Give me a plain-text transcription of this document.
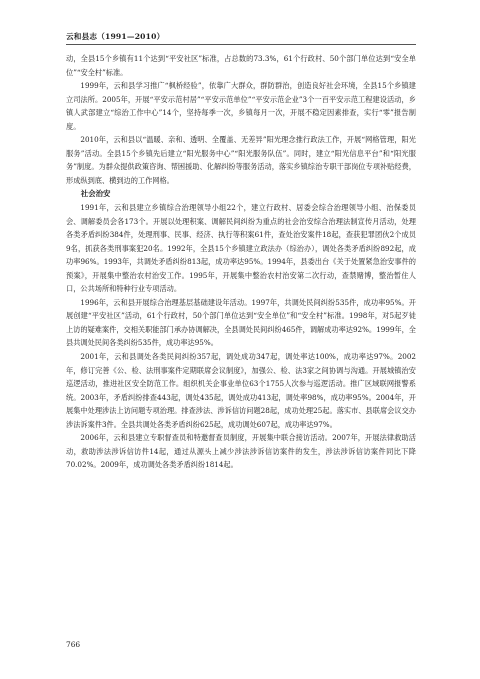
云和县志（1991—2010）

动，全县15个乡镇有11个达到“平安社区”标准，占总数的73.3%，61个行政村、50个部门单位达到“安全单位”“安全村”标准。

1999年，云和县学习推广“枫桥经验”，依靠广大群众，群防群治，创造良好社会环境，全县15个乡镇建立司法所。2005年，开展“平安示范村居”“平安示范单位”“平安示范企业”3个一百平安示范工程建设活动，乡镇人武部建立“综治工作中心”14个，坚持每季一次，乡镇每月一次，开展不稳定因素排查，实行“零”报告制度。

2010年，云和县以“温暖、亲和、透明、全覆盖、无差异”阳光理念推行政法工作，开展“网格管理，阳光服务”活动。全县15个乡镇先后建立“阳光服务中心”“阳光服务队伍”。同时，建立“阳光信息平台”和“阳光服务”制度。为群众提供政策咨询、帮困援助、化解纠纷等服务活动，落实乡镇综治专职干部岗位专项补贴经费，形成纵到底、横到边的工作网格。

社会治安

1991年，云和县建立乡镇综合治理领导小组22个，建立行政村、居委会综合治理领导小组、治保委员会、调解委员会各173个。开展以处理积案、调解民间纠纷为重点的社会治安综合治理法制宣传月活动，处理各类矛盾纠纷384件，处理刑事、民事、经济、执行等积案61件，查处治安案件18起，查获犯罪团伙2个成员9名，抓获各类刑事案犯20名。1992年，全县15个乡镇建立政法办（综治办），调处各类矛盾纠纷892起，成功率96%。1993年，共调处矛盾纠纷813起，成功率达95%。1994年，县委出台《关于处置紧急治安事件的预案》，开展集中整治农村治安工作。1995年，开展集中整治农村治安第二次行动，查禁赌博，整治暂住人口，公共场所和特种行业专项活动。

1996年，云和县开展综合治理基层基础建设年活动。1997年，共调处民间纠纷535件，成功率95%。开展创建“平安社区”活动，61个行政村，50个部门单位达到“安全单位”和“安全村”标准。1998年，对5起歹徒上访的疑难案件，交相关职能部门承办协调解决，全县调处民间纠纷465件，调解成功率达92%。1999年，全县共调处民间各类纠纷535件，成功率达95%。

2001年，云和县调处各类民间纠纷357起，调处成功347起，调处率达100%，成功率达97%。2002年，修订完善《公、检、法刑事案件定期联席会议制度》，加强公、检、法3家之间协调与沟通。开展城镇治安巡逻活动，推进社区安全防范工作。组织机关企事业单位63个1755人次参与巡逻活动。推广区域联网报警系统。2003年，矛盾纠纷排查443起，调处435起，调处成功413起，调处率98%，成功率95%。2004年，开展集中处理涉法上访问题专项治理。排查涉法、涉诉信访问题28起，成功处理25起。落实市、县联席会议交办涉法诉案件3件。全县共调处各类矛盾纠纷625起，成功调处607起，成功率达97%。

2006年，云和县建立专职督查员和特邀督查员制度，开展集中联合接访活动。2007年，开展法律救助活动，救助涉法涉诉信访件14起，通过从源头上减少涉法涉诉信访案件的发生，涉法涉诉信访案件同比下降70.02%。2009年，成功调处各类矛盾纠纷1814起。

766
